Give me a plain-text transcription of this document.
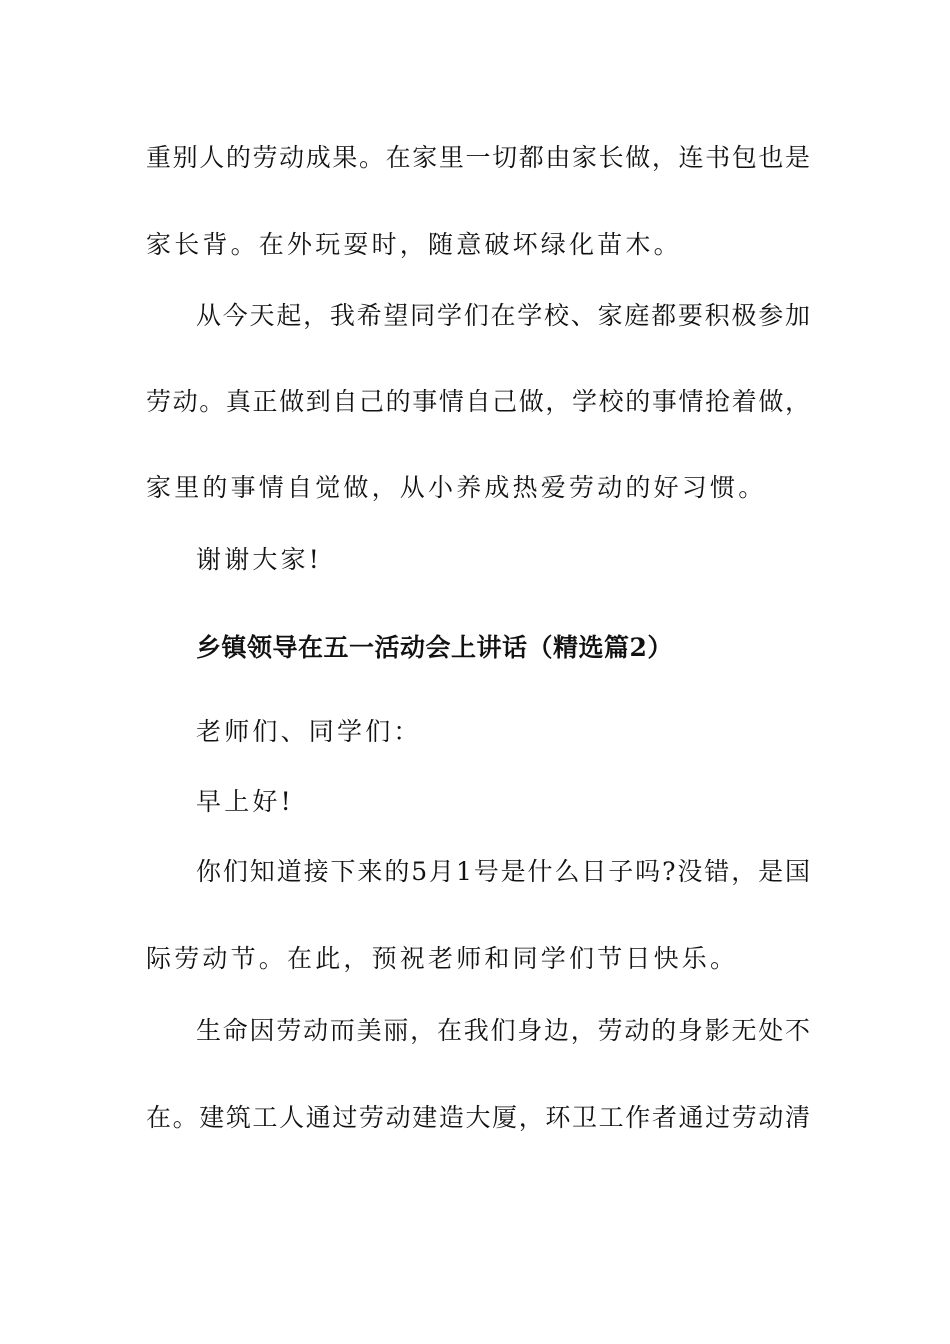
重别人的劳动成果。在家里一切都由家长做，连书包也是
家长背。在外玩耍时，随意破坏绿化苗木。
从今天起，我希望同学们在学校、家庭都要积极参加
劳动。真正做到自己的事情自己做，学校的事情抢着做，
家里的事情自觉做，从小养成热爱劳动的好习惯。
谢谢大家!
乡镇领导在五一活动会上讲话（精选篇2）
老师们、同学们：
早上好!
你们知道接下来的5月1号是什么日子吗?没错，是国
际劳动节。在此，预祝老师和同学们节日快乐。
生命因劳动而美丽，在我们身边，劳动的身影无处不
在。建筑工人通过劳动建造大厦，环卫工作者通过劳动清
